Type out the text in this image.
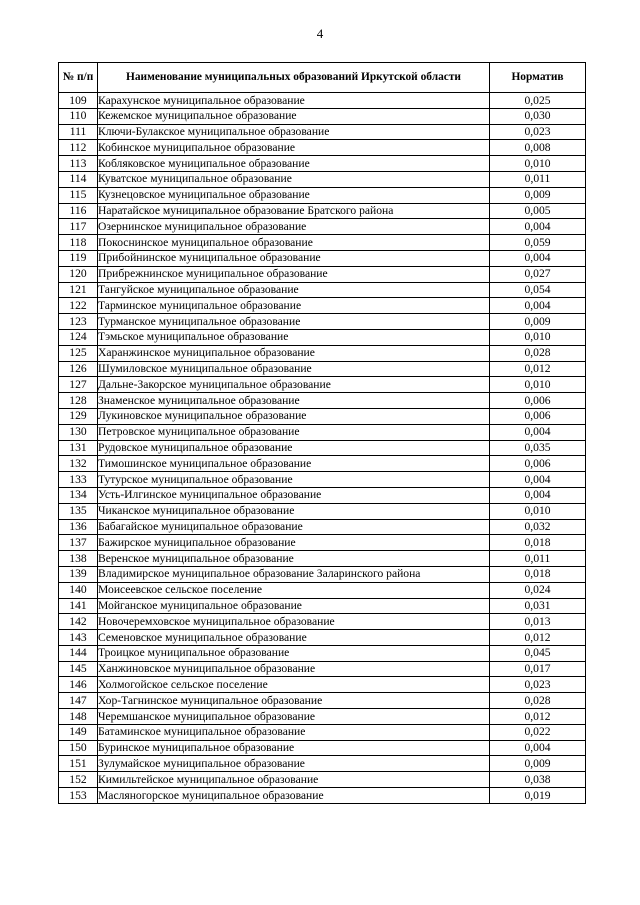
4
№ п/п	Наименование муниципальных образований Иркутской области	Норматив
109	Карахунское муниципальное образование	0,025
110	Кежемское муниципальное образование	0,030
111	Ключи-Булакское муниципальное образование	0,023
112	Кобинское муниципальное образование	0,008
113	Кобляковское муниципальное образование	0,010
114	Куватское муниципальное образование	0,011
115	Кузнецовское муниципальное образование	0,009
116	Наратайское муниципальное образование Братского района	0,005
117	Озернинское муниципальное образование	0,004
118	Покоснинское муниципальное образование	0,059
119	Прибойнинское муниципальное образование	0,004
120	Прибрежнинское муниципальное образование	0,027
121	Тангуйское муниципальное образование	0,054
122	Тарминское муниципальное образование	0,004
123	Турманское муниципальное образование	0,009
124	Тэмьское муниципальное образование	0,010
125	Харанжинское муниципальное образование	0,028
126	Шумиловское муниципальное образование	0,012
127	Дальне-Закорское муниципальное образование	0,010
128	Знаменское муниципальное образование	0,006
129	Лукиновское муниципальное образование	0,006
130	Петровское муниципальное образование	0,004
131	Рудовское муниципальное образование	0,035
132	Тимошинское муниципальное образование	0,006
133	Тутурское муниципальное образование	0,004
134	Усть-Илгинское муниципальное образование	0,004
135	Чиканское муниципальное образование	0,010
136	Бабагайское муниципальное образование	0,032
137	Бажирское муниципальное образование	0,018
138	Веренское муниципальное образование	0,011
139	Владимирское муниципальное образование Заларинского района	0,018
140	Моисеевское сельское поселение	0,024
141	Мойганское муниципальное образование	0,031
142	Новочеремховское муниципальное образование	0,013
143	Семеновское муниципальное образование	0,012
144	Троицкое муниципальное образование	0,045
145	Ханжиновское муниципальное образование	0,017
146	Холмогойское сельское поселение	0,023
147	Хор-Тагнинское муниципальное образование	0,028
148	Черемшанское муниципальное образование	0,012
149	Батаминское муниципальное образование	0,022
150	Буринское муниципальное образование	0,004
151	Зулумайское муниципальное образование	0,009
152	Кимильтейское муниципальное образование	0,038
153	Масляногорское муниципальное образование	0,019
